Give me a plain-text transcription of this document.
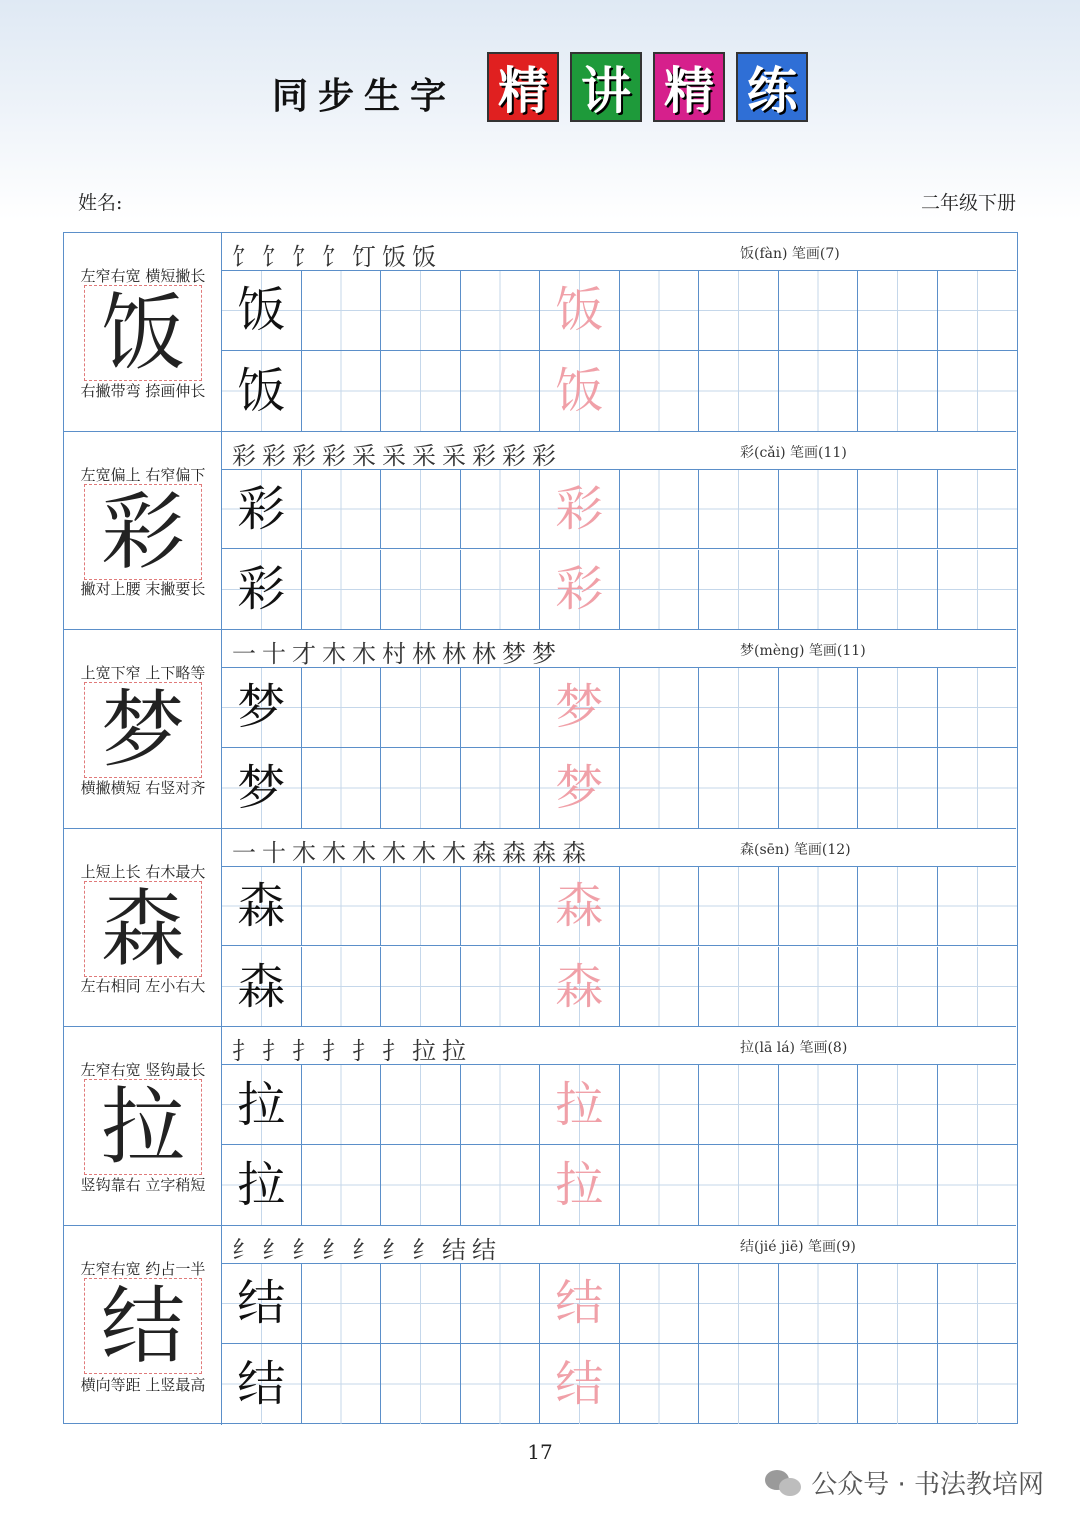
同步生字 精 讲 精 练
姓名:	二年级下册
左窄右宽 横短撇长
饭
右撇带弯 捺画伸长
饣饣饣饣饤饭饭	饭(fàn) 笔画(7)
饭	饭
饭	饭
左宽偏上 右窄偏下
彩
撇对上腰 末撇要长
彩彩彩彩采采采采彩彩彩	彩(cǎi) 笔画(11)
彩	彩
彩	彩
上宽下窄 上下略等
梦
横撇横短 右竖对齐
一十才木木村林林林梦梦	梦(mèng) 笔画(11)
梦	梦
梦	梦
上短上长 右木最大
森
左右相同 左小右大
一十木木木木木木森森森森	森(sēn) 笔画(12)
森	森
森	森
左窄右宽 竖钩最长
拉
竖钩靠右 立字稍短
扌扌扌扌扌扌拉拉	拉(lā lá) 笔画(8)
拉	拉
拉	拉
左窄右宽 约占一半
结
横向等距 上竖最高
纟纟纟纟纟纟纟结结	结(jié jiē) 笔画(9)
结	结
结	结
17
公众号 · 书法教培网
